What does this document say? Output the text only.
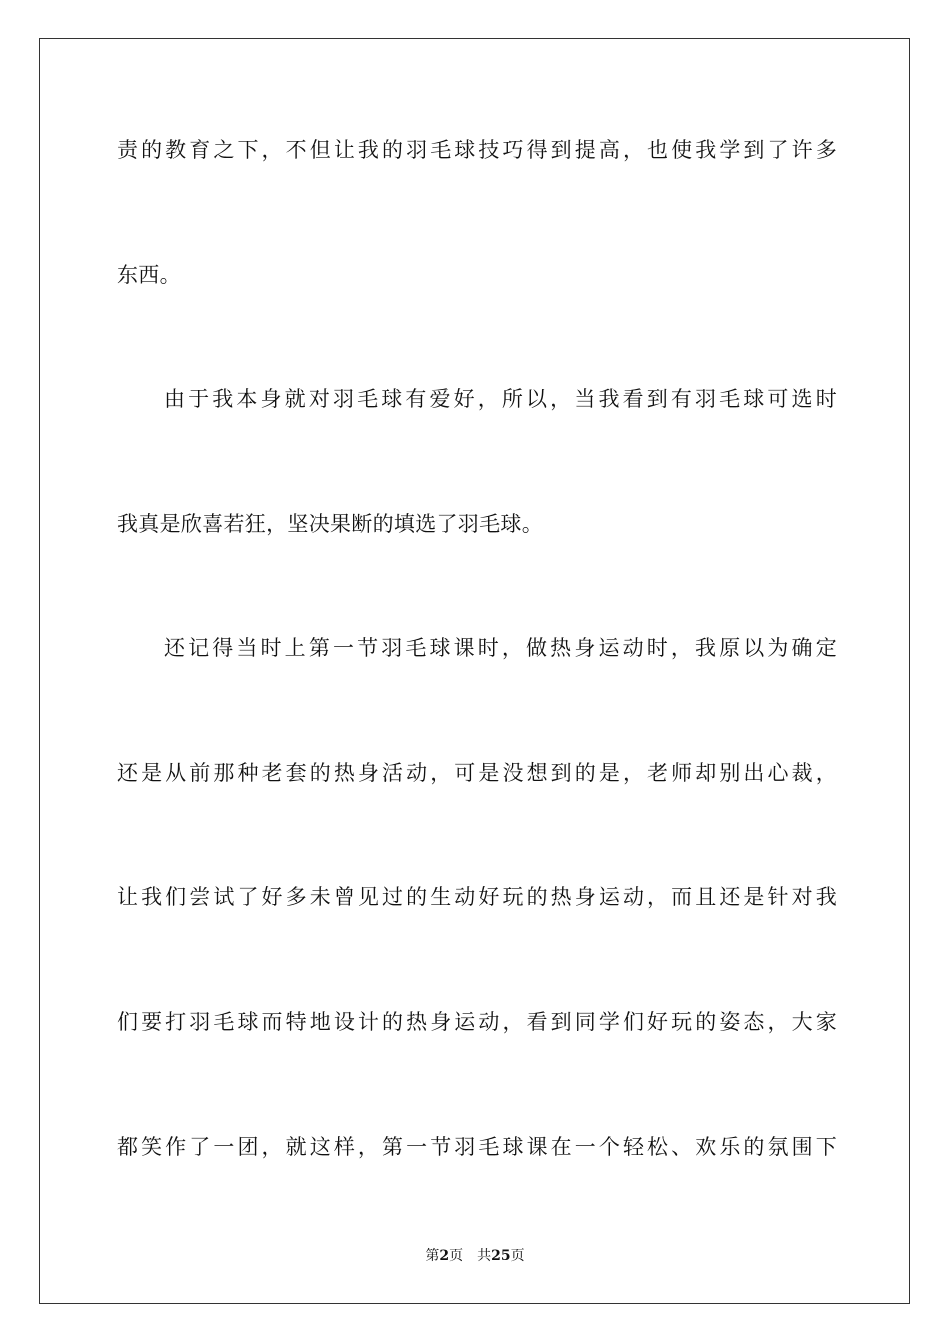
责的教育之下，不但让我的羽毛球技巧得到提高，也使我学到了许多
东西。
由于我本身就对羽毛球有爱好，所以，当我看到有羽毛球可选时
我真是欣喜若狂，坚决果断的填选了羽毛球。
还记得当时上第一节羽毛球课时，做热身运动时，我原以为确定
还是从前那种老套的热身活动，可是没想到的是，老师却别出心裁，
让我们尝试了好多未曾见过的生动好玩的热身运动，而且还是针对我
们要打羽毛球而特地设计的热身运动，看到同学们好玩的姿态，大家
都笑作了一团，就这样，第一节羽毛球课在一个轻松、欢乐的氛围下
第2页 共25页
